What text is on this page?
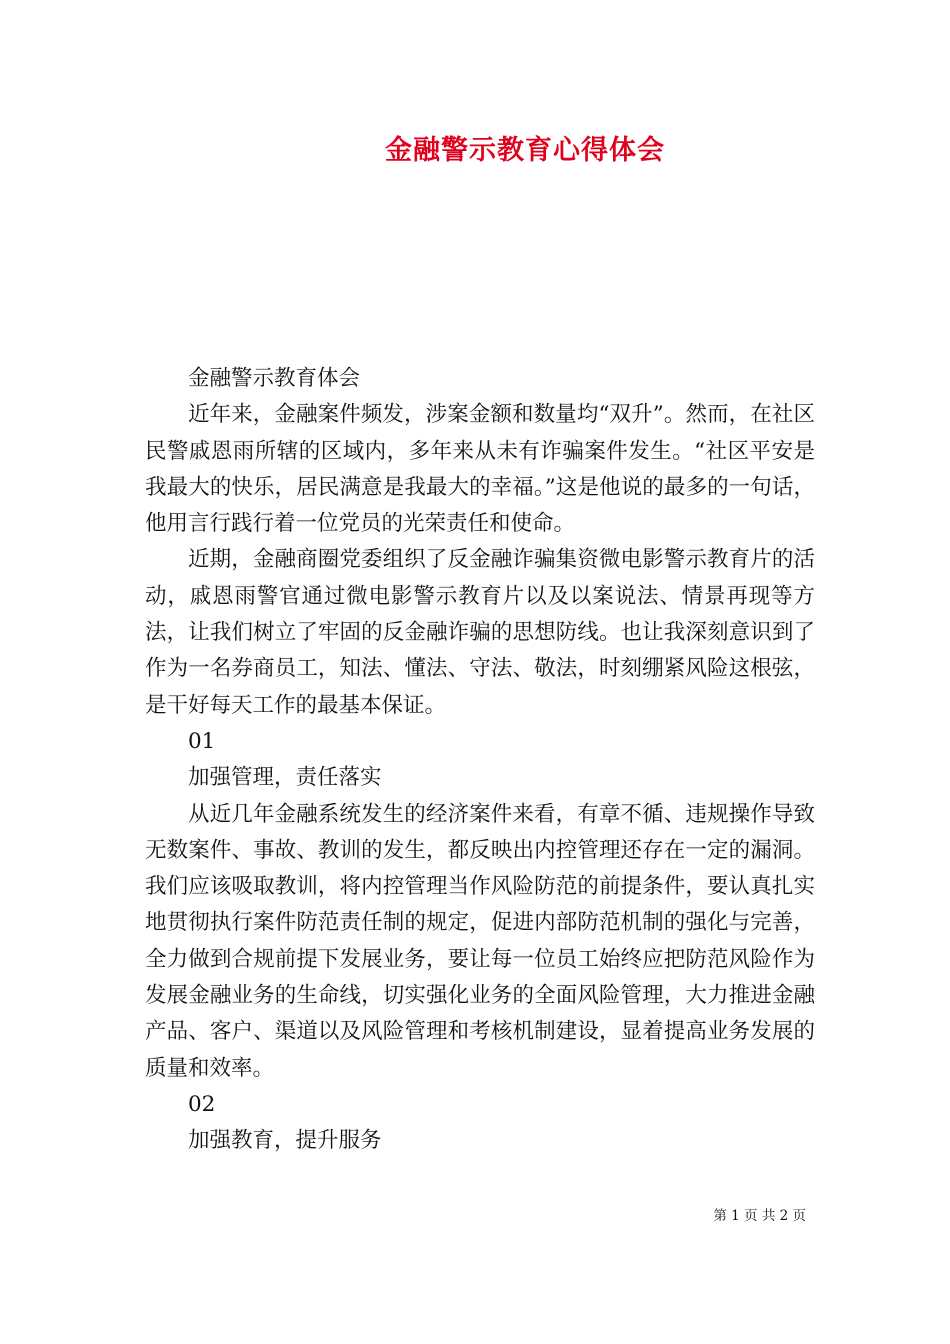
金融警示教育心得体会

金融警示教育体会

近年来，金融案件频发，涉案金额和数量均“双升”。然而，在社区民警戚恩雨所辖的区域内，多年来从未有诈骗案件发生。“社区平安是我最大的快乐，居民满意是我最大的幸福。”这是他说的最多的一句话，他用言行践行着一位党员的光荣责任和使命。

近期，金融商圈党委组织了反金融诈骗集资微电影警示教育片的活动，戚恩雨警官通过微电影警示教育片以及以案说法、情景再现等方法，让我们树立了牢固的反金融诈骗的思想防线。也让我深刻意识到了作为一名券商员工，知法、懂法、守法、敬法，时刻绷紧风险这根弦，是干好每天工作的最基本保证。

01

加强管理，责任落实

从近几年金融系统发生的经济案件来看，有章不循、违规操作导致无数案件、事故、教训的发生，都反映出内控管理还存在一定的漏洞。我们应该吸取教训，将内控管理当作风险防范的前提条件，要认真扎实地贯彻执行案件防范责任制的规定，促进内部防范机制的强化与完善，全力做到合规前提下发展业务，要让每一位员工始终应把防范风险作为发展金融业务的生命线，切实强化业务的全面风险管理，大力推进金融产品、客户、渠道以及风险管理和考核机制建设，显着提高业务发展的质量和效率。

02

加强教育，提升服务

第 1 页 共 2 页
